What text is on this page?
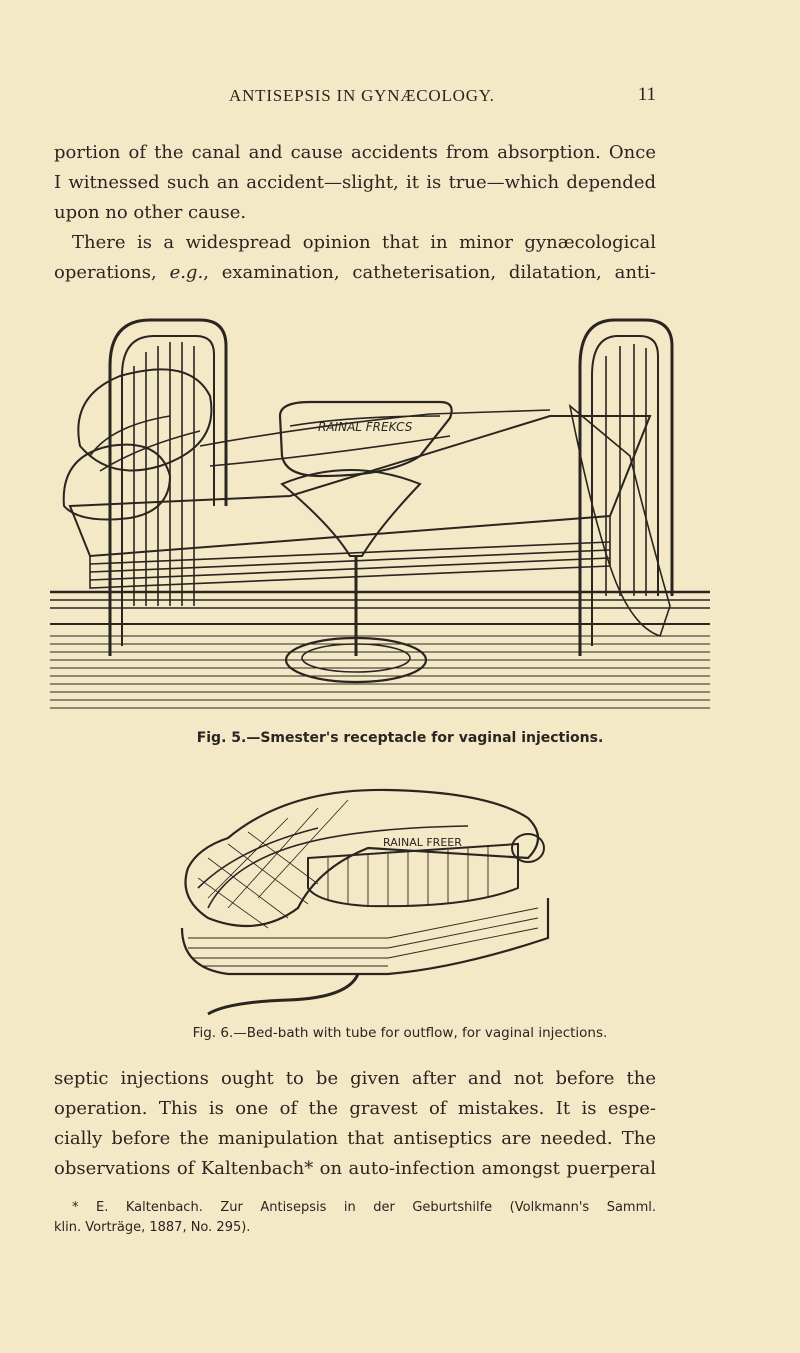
ANTISEPSIS IN GYNÆCOLOGY.	11
portion of the canal and cause accidents from absorption. Once
I witnessed such an accident—slight, it is true—which depended
upon no other cause.
There is a widespread opinion that in minor gynæcological
operations, e.g., examination, catheterisation, dilatation, anti-
RAINAL FREKCS
Fig. 5.—Smester's receptacle for vaginal injections.
RAINAL FREER
Fig. 6.—Bed-bath with tube for outflow, for vaginal injections.
septic injections ought to be given after and not before the
operation. This is one of the gravest of mistakes. It is espe-
cially before the manipulation that antiseptics are needed. The
observations of Kaltenbach* on auto-infection amongst puerperal
* E. Kaltenbach. Zur Antisepsis in der Geburtshilfe (Volkmann's Samml.
klin. Vorträge, 1887, No. 295).
